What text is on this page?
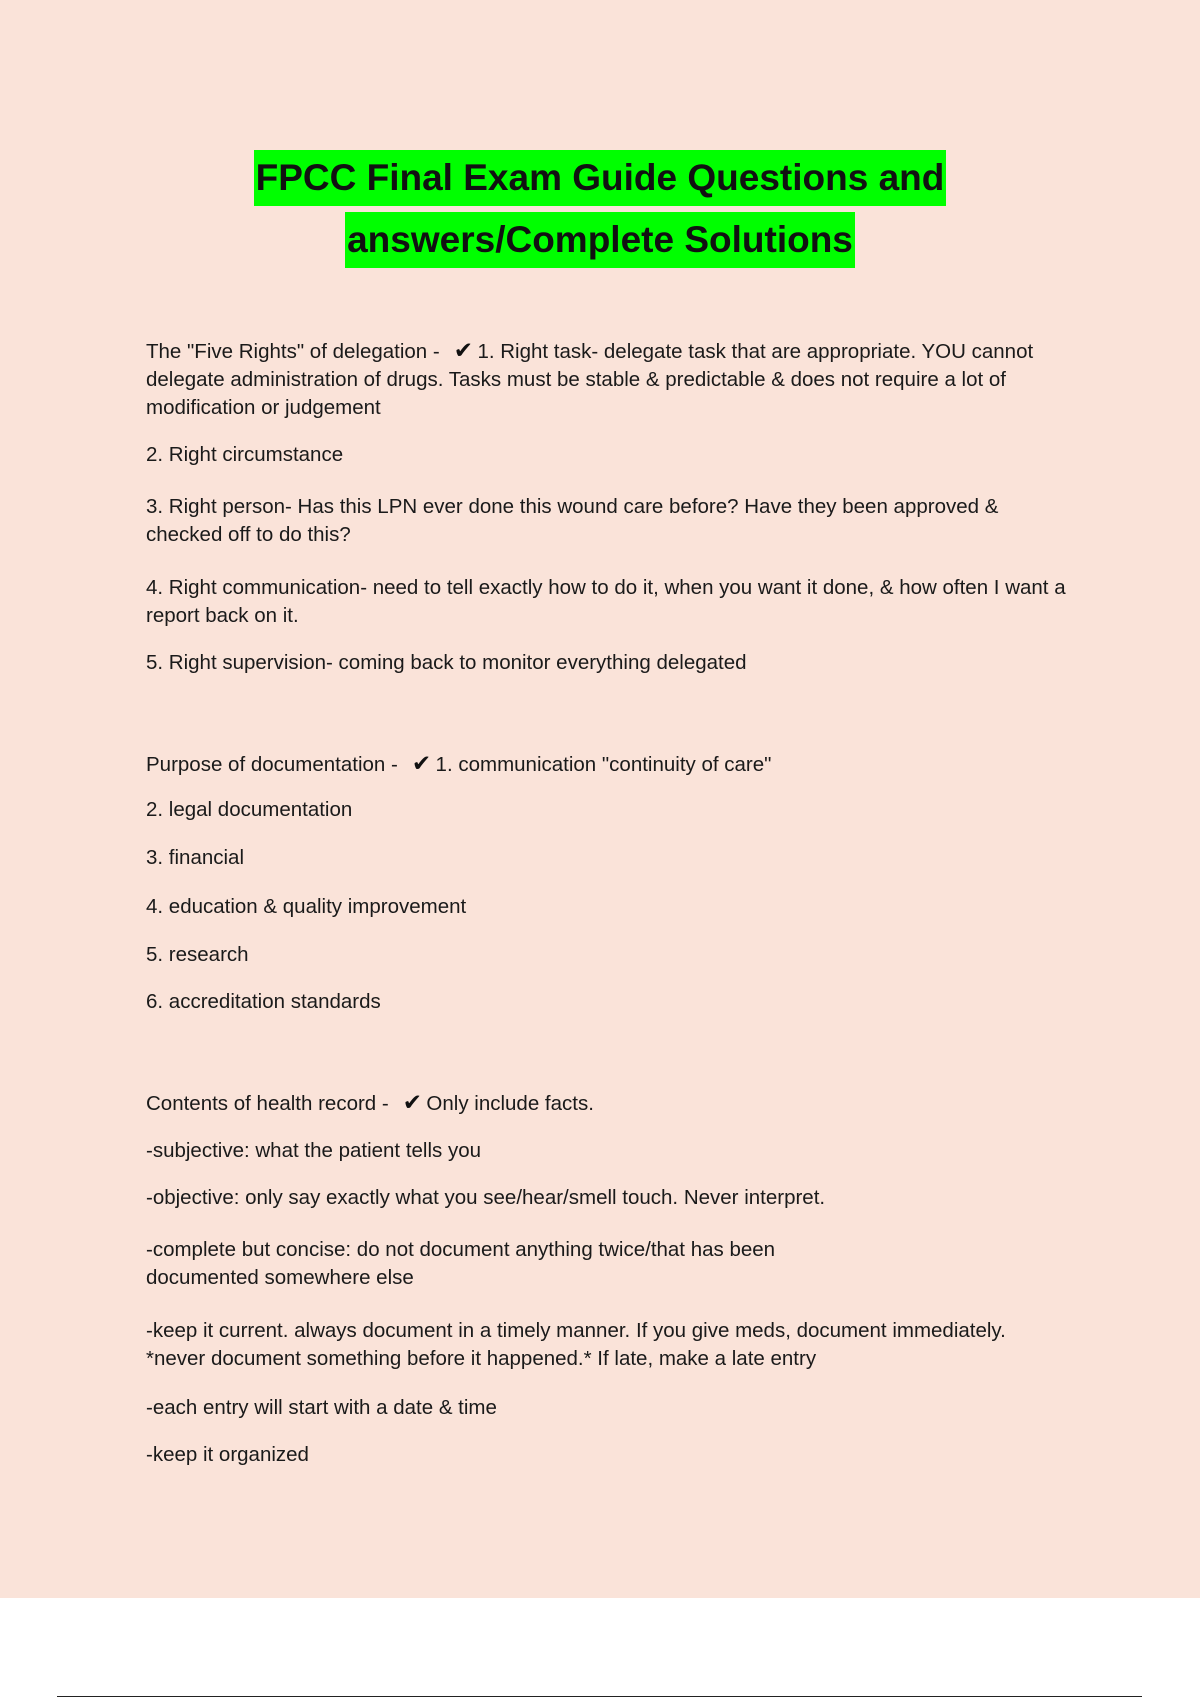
FPCC Final Exam Guide Questions and
answers/Complete Solutions

The "Five Rights" of delegation - ✔ 1. Right task- delegate task that are appropriate. YOU cannot delegate administration of drugs. Tasks must be stable & predictable & does not require a lot of modification or judgement

2. Right circumstance

3. Right person- Has this LPN ever done this wound care before? Have they been approved & checked off to do this?

4. Right communication- need to tell exactly how to do it, when you want it done, & how often I want a report back on it.

5. Right supervision- coming back to monitor everything delegated

Purpose of documentation - ✔ 1. communication "continuity of care"

2. legal documentation

3. financial

4. education & quality improvement

5. research

6. accreditation standards

Contents of health record - ✔ Only include facts.

-subjective: what the patient tells you

-objective: only say exactly what you see/hear/smell touch. Never interpret.

-complete but concise: do not document anything twice/that has been documented somewhere else

-keep it current. always document in a timely manner. If you give meds, document immediately. *never document something before it happened.* If late, make a late entry

-each entry will start with a date & time

-keep it organized
